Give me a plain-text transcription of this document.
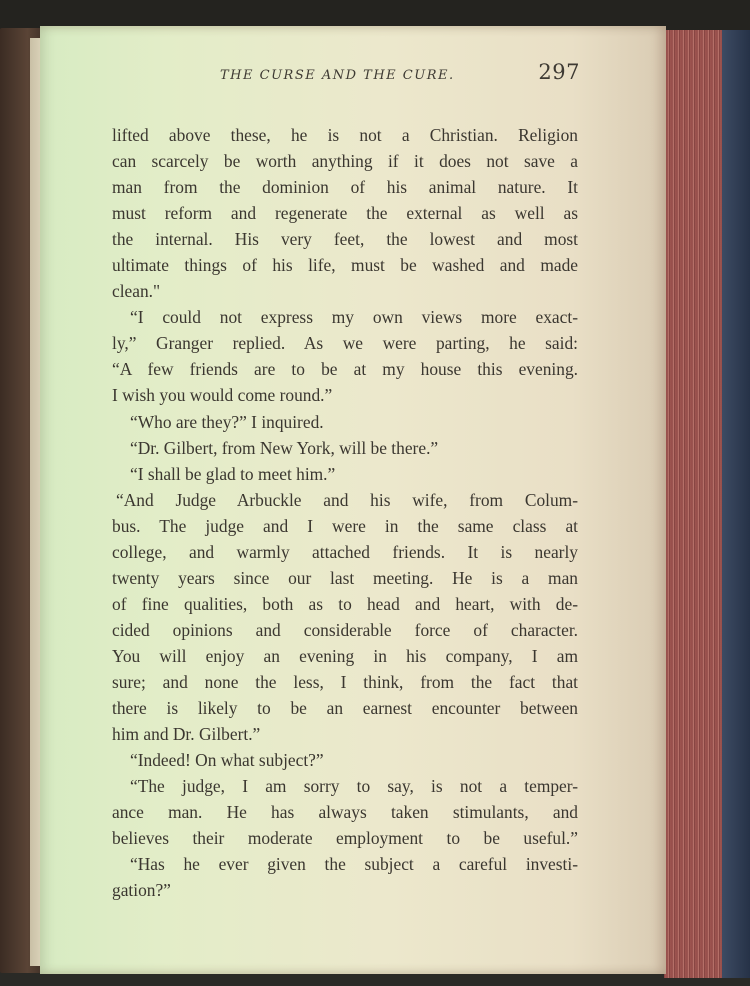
THE CURSE AND THE CURE.	297
lifted above these, he is not a Christian. Religion
can scarcely be worth anything if it does not save a
man from the dominion of his animal nature. It
must reform and regenerate the external as well as
the internal. His very feet, the lowest and most
ultimate things of his life, must be washed and made
clean."
“I could not express my own views more exact-
ly,” Granger replied. As we were parting, he said:
“A few friends are to be at my house this evening.
I wish you would come round.”
“Who are they?” I inquired.
“Dr. Gilbert, from New York, will be there.”
“I shall be glad to meet him.”
“And Judge Arbuckle and his wife, from Colum-
bus. The judge and I were in the same class at
college, and warmly attached friends. It is nearly
twenty years since our last meeting. He is a man
of fine qualities, both as to head and heart, with de-
cided opinions and considerable force of character.
You will enjoy an evening in his company, I am
sure; and none the less, I think, from the fact that
there is likely to be an earnest encounter between
him and Dr. Gilbert.”
“Indeed! On what subject?”
“The judge, I am sorry to say, is not a temper-
ance man. He has always taken stimulants, and
believes their moderate employment to be useful.”
“Has he ever given the subject a careful investi-
gation?”
